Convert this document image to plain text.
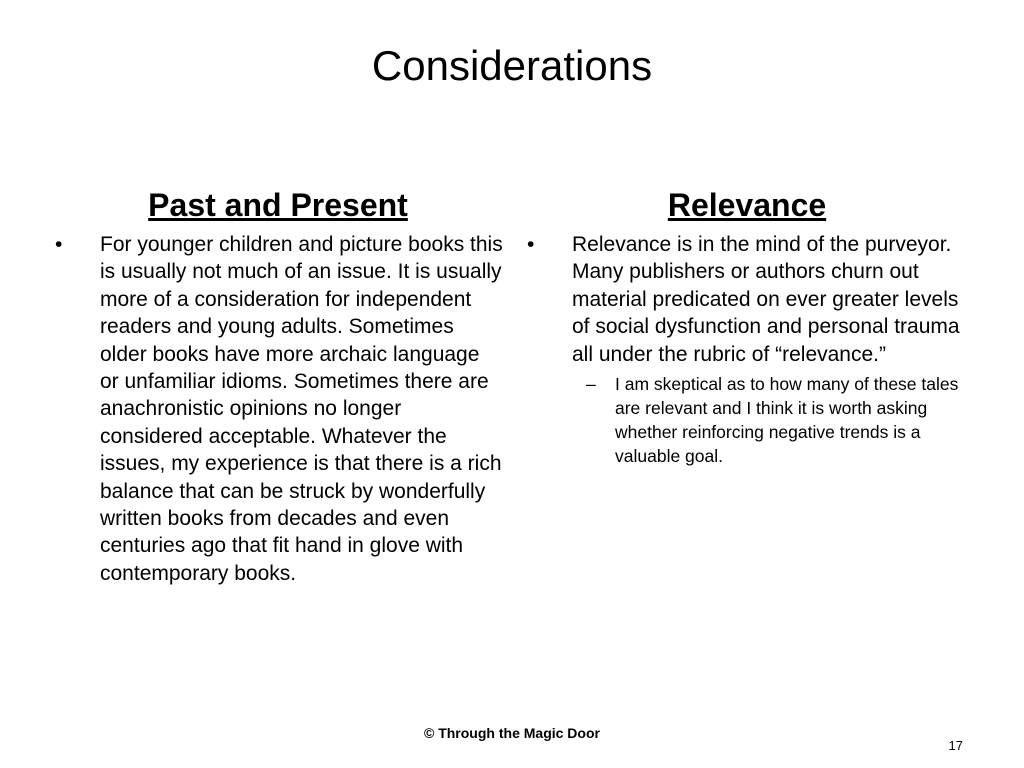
Considerations
Past and Present	Relevance
•	For younger children and picture books this is usually not much of an issue. It is usually more of a consideration for independent readers and young adults. Sometimes older books have more archaic language or unfamiliar idioms. Sometimes there are anachronistic opinions no longer considered acceptable. Whatever the issues, my experience is that there is a rich balance that can be struck by wonderfully written books from decades and even centuries ago that fit hand in glove with contemporary books.
•	Relevance is in the mind of the purveyor. Many publishers or authors churn out material predicated on ever greater levels of social dysfunction and personal trauma all under the rubric of “relevance.”
– I am skeptical as to how many of these tales are relevant and I think it is worth asking whether reinforcing negative trends is a valuable goal.
© Through the Magic Door
17
